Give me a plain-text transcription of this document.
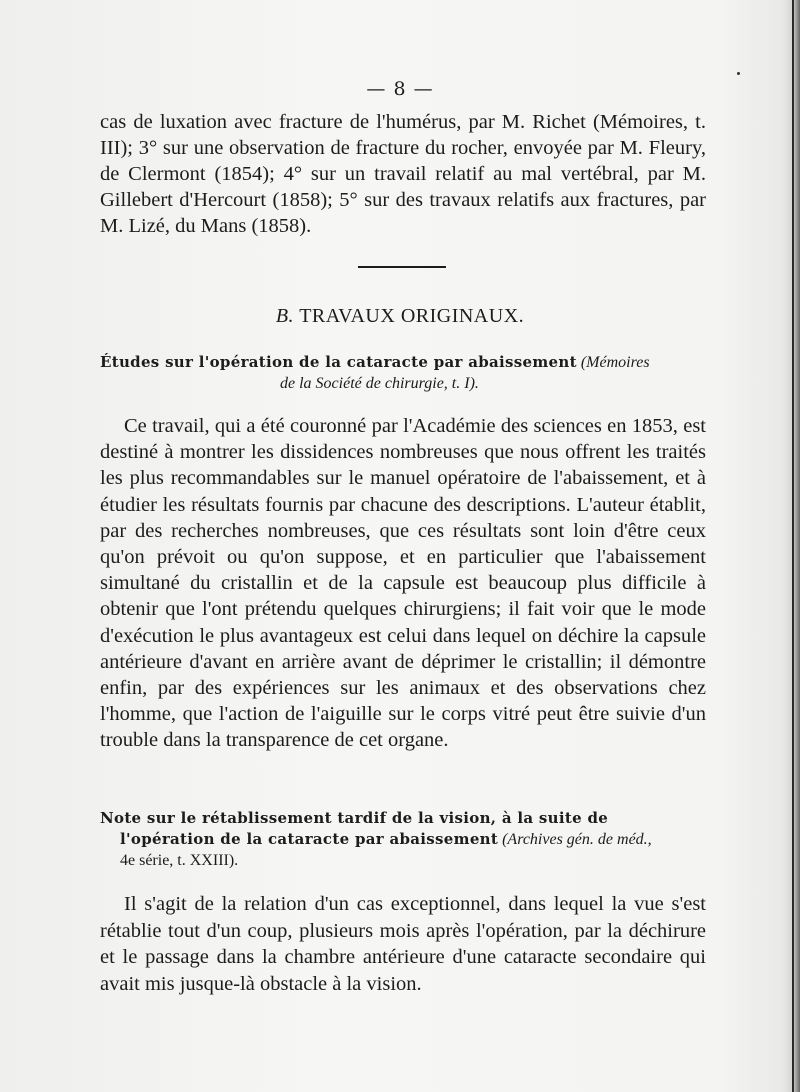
— 8 —
cas de luxation avec fracture de l'humérus, par M. Richet (Mémoires, t. III); 3° sur une observation de fracture du rocher, envoyée par M. Fleury, de Clermont (1854); 4° sur un travail relatif au mal vertébral, par M. Gillebert d'Hercourt (1858); 5° sur des travaux relatifs aux fractures, par M. Lizé, du Mans (1858).
B. TRAVAUX ORIGINAUX.
Études sur l'opération de la cataracte par abaissement (Mémoires
de la Société de chirurgie, t. I).

Ce travail, qui a été couronné par l'Académie des sciences en 1853, est destiné à montrer les dissidences nombreuses que nous offrent les traités les plus recommandables sur le manuel opératoire de l'abaissement, et à étudier les résultats fournis par chacune des descriptions. L'auteur établit, par des recherches nombreuses, que ces résultats sont loin d'être ceux qu'on prévoit ou qu'on suppose, et en particulier que l'abaissement simultané du cristallin et de la capsule est beaucoup plus difficile à obtenir que l'ont prétendu quelques chirurgiens; il fait voir que le mode d'exécution le plus avantageux est celui dans lequel on déchire la capsule antérieure d'avant en arrière avant de déprimer le cristallin; il démontre enfin, par des expériences sur les animaux et des observations chez l'homme, que l'action de l'aiguille sur le corps vitré peut être suivie d'un trouble dans la transparence de cet organe.

Note sur le rétablissement tardif de la vision, à la suite de
l'opération de la cataracte par abaissement (Archives gén. de méd.,
4e série, t. XXIII).

Il s'agit de la relation d'un cas exceptionnel, dans lequel la vue s'est rétablie tout d'un coup, plusieurs mois après l'opération, par la déchirure et le passage dans la chambre antérieure d'une cataracte secondaire qui avait mis jusque-là obstacle à la vision.
